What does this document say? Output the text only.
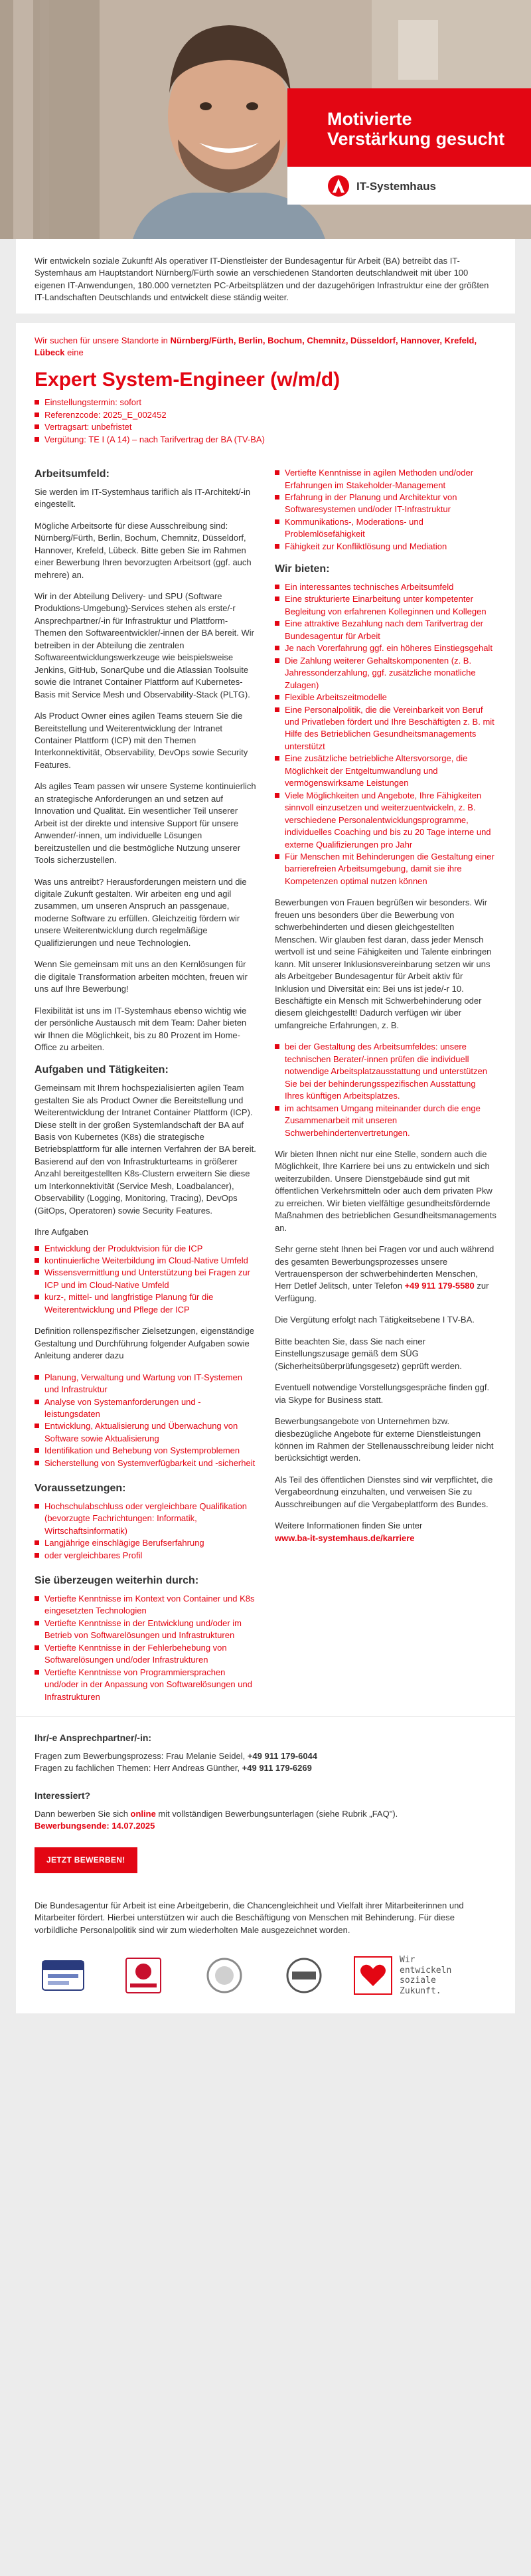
Motivierte Verstärkung gesucht
IT-Systemhaus
Wir entwickeln soziale Zukunft! Als operativer IT-Dienstleister der Bundesagentur für Arbeit (BA) betreibt das IT-Systemhaus am Hauptstandort Nürnberg/Fürth sowie an verschiedenen Standorten deutschlandweit mit über 100 eigenen IT-Anwendungen, 180.000 vernetzten PC-Arbeitsplätzen und der dazugehörigen Infrastruktur eine der größten IT-Landschaften Deutschlands und entwickelt diese ständig weiter.
Wir suchen für unsere Standorte in Nürnberg/Fürth, Berlin, Bochum, Chemnitz, Düsseldorf, Hannover, Krefeld, Lübeck eine
Expert System-Engineer (w/m/d)
Einstellungstermin: sofort
Referenzcode: 2025_E_002452
Vertragsart: unbefristet
Vergütung: TE I (A 14) – nach Tarifvertrag der BA (TV-BA)
Arbeitsumfeld:

Sie werden im IT-Systemhaus tariflich als IT-Architekt/-in eingestellt.

Mögliche Arbeitsorte für diese Ausschreibung sind: Nürnberg/Fürth, Berlin, Bochum, Chemnitz, Düsseldorf, Hannover, Krefeld, Lübeck. Bitte geben Sie im Rahmen einer Bewerbung Ihren bevorzugten Arbeitsort (ggf. auch mehrere) an.

Wir in der Abteilung Delivery- und SPU (Software Produktions-Umgebung)-Services stehen als erste/-r Ansprechpartner/-in für Infrastruktur und Plattform-Themen den Softwareentwickler/-innen der BA bereit. Wir betreiben in der Abteilung die zentralen Softwareentwicklungswerkzeuge wie beispielsweise Jenkins, GitHub, SonarQube und die Atlassian Toolsuite sowie die Intranet Container Plattform auf Kubernetes-Basis mit Service Mesh und Observability-Stack (PLTG).

Als Product Owner eines agilen Teams steuern Sie die Bereitstellung und Weiterentwicklung der Intranet Container Plattform (ICP) mit den Themen Interkonnektivität, Observability, DevOps sowie Security Features.

Als agiles Team passen wir unsere Systeme kontinuierlich an strategische Anforderungen an und setzen auf Innovation und Qualität. Ein wesentlicher Teil unserer Arbeit ist der direkte und intensive Support für unsere Anwender/-innen, um individuelle Lösungen bereitzustellen und die bestmögliche Nutzung unserer Tools sicherzustellen.

Was uns antreibt? Herausforderungen meistern und die digitale Zukunft gestalten. Wir arbeiten eng und agil zusammen, um unseren Anspruch an passgenaue, moderne Software zu erfüllen. Gleichzeitig fördern wir unsere Weiterentwicklung durch regelmäßige Qualifizierungen und neue Technologien.

Wenn Sie gemeinsam mit uns an den Kernlösungen für die digitale Transformation arbeiten möchten, freuen wir uns auf Ihre Bewerbung!

Flexibilität ist uns im IT-Systemhaus ebenso wichtig wie der persönliche Austausch mit dem Team: Daher bieten wir Ihnen die Möglichkeit, bis zu 80 Prozent im Home-Office zu arbeiten.

Aufgaben und Tätigkeiten:

Gemeinsam mit Ihrem hochspezialisierten agilen Team gestalten Sie als Product Owner die Bereitstellung und Weiterentwicklung der Intranet Container Plattform (ICP). Diese stellt in der großen Systemlandschaft der BA auf Basis von Kubernetes (K8s) die strategische Betriebsplattform für alle internen Verfahren der BA bereit. Basierend auf den von Infrastrukturteams in größerer Anzahl bereitgestellten K8s-Clustern erweitern Sie diese um Interkonnektivität (Service Mesh, Loadbalancer), Observability (Logging, Monitoring, Tracing), DevOps (GitOps, Operatoren) sowie Security Features.

Ihre Aufgaben
Entwicklung der Produktvision für die ICP
kontinuierliche Weiterbildung im Cloud-Native Umfeld
Wissensvermittlung und Unterstützung bei Fragen zur ICP und im Cloud-Native Umfeld
kurz-, mittel- und langfristige Planung für die Weiterentwicklung und Pflege der ICP

Definition rollenspezifischer Zielsetzungen, eigenständige Gestaltung und Durchführung folgender Aufgaben sowie Anleitung anderer dazu

Planung, Verwaltung und Wartung von IT-Systemen und Infrastruktur
Analyse von Systemanforderungen und -leistungsdaten
Entwicklung, Aktualisierung und Überwachung von Software sowie Aktualisierung
Identifikation und Behebung von Systemproblemen
Sicherstellung von Systemverfügbarkeit und -sicherheit
Voraussetzungen:
Hochschulabschluss oder vergleichbare Qualifikation (bevorzugte Fachrichtungen: Informatik, Wirtschaftsinformatik)
Langjährige einschlägige Berufserfahrung
oder vergleichbares Profil
Sie überzeugen weiterhin durch:
Vertiefte Kenntnisse im Kontext von Container und K8s eingesetzten Technologien
Vertiefte Kenntnisse in der Entwicklung und/oder im Betrieb von Softwarelösungen und Infrastrukturen
Vertiefte Kenntnisse in der Fehlerbehebung von Softwarelösungen und/oder Infrastrukturen
Vertiefte Kenntnisse von Programmiersprachen und/oder in der Anpassung von Softwarelösungen und Infrastrukturen
Vertiefte Kenntnisse in agilen Methoden und/oder Erfahrungen im Stakeholder-Management
Erfahrung in der Planung und Architektur von Softwaresystemen und/oder IT-Infrastruktur
Kommunikations-, Moderations- und Problemlösefähigkeit
Fähigkeit zur Konfliktlösung und Mediation
Wir bieten:
Ein interessantes technisches Arbeitsumfeld
Eine strukturierte Einarbeitung unter kompetenter Begleitung von erfahrenen Kolleginnen und Kollegen
Eine attraktive Bezahlung nach dem Tarifvertrag der Bundesagentur für Arbeit
Je nach Vorerfahrung ggf. ein höheres Einstiegsgehalt
Die Zahlung weiterer Gehaltskomponenten (z. B. Jahressonderzahlung, ggf. zusätzliche monatliche Zulagen)
Flexible Arbeitszeitmodelle
Eine Personalpolitik, die die Vereinbarkeit von Beruf und Privatleben fördert und Ihre Beschäftigten z. B. mit Hilfe des Betrieblichen Gesundheitsmanagements unterstützt
Eine zusätzliche betriebliche Altersvorsorge, die Möglichkeit der Entgeltumwandlung und vermögenswirksame Leistungen
Viele Möglichkeiten und Angebote, Ihre Fähigkeiten sinnvoll einzusetzen und weiterzuentwickeln, z. B. verschiedene Personalentwicklungsprogramme, individuelles Coaching und bis zu 20 Tage interne und externe Qualifizierungen pro Jahr
Für Menschen mit Behinderungen die Gestaltung einer barrierefreien Arbeitsumgebung, damit sie ihre Kompetenzen optimal nutzen können

Bewerbungen von Frauen begrüßen wir besonders. Wir freuen uns besonders über die Bewerbung von schwerbehinderten und diesen gleichgestellten Menschen. Wir glauben fest daran, dass jeder Mensch wertvoll ist und seine Fähigkeiten und Talente einbringen kann. Mit unserer Inklusionsvereinbarung setzen wir uns als Arbeitgeber Bundesagentur für Arbeit aktiv für Inklusion und Diversität ein: Bei uns ist jede/-r 10. Beschäftigte ein Mensch mit Schwerbehinderung oder diesem gleichgestellt! Dadurch verfügen wir über umfangreiche Erfahrungen, z. B.

bei der Gestaltung des Arbeitsumfeldes: unsere technischen Berater/-innen prüfen die individuell notwendige Arbeitsplatzausstattung und unterstützen Sie bei der behinderungsspezifischen Ausstattung Ihres künftigen Arbeitsplatzes.
im achtsamen Umgang miteinander durch die enge Zusammenarbeit mit unseren Schwerbehindertenvertretungen.

Wir bieten Ihnen nicht nur eine Stelle, sondern auch die Möglichkeit, Ihre Karriere bei uns zu entwickeln und sich weiterzubilden. Unsere Dienstgebäude sind gut mit öffentlichen Verkehrsmitteln oder auch dem privaten Pkw zu erreichen. Wir bieten vielfältige gesundheitsfördernde Maßnahmen des betrieblichen Gesundheitsmanagements an.

Sehr gerne steht Ihnen bei Fragen vor und auch während des gesamten Bewerbungsprozesses unsere Vertrauensperson der schwerbehinderten Menschen, Herr Detlef Jelitsch, unter Telefon +49 911 179-5580 zur Verfügung.

Die Vergütung erfolgt nach Tätigkeitsebene I TV-BA.

Bitte beachten Sie, dass Sie nach einer Einstellungszusage gemäß dem SÜG (Sicherheitsüberprüfungsgesetz) geprüft werden.

Eventuell notwendige Vorstellungsgespräche finden ggf. via Skype for Business statt.

Bewerbungsangebote von Unternehmen bzw. diesbezügliche Angebote für externe Dienstleistungen können im Rahmen der Stellenausschreibung leider nicht berücksichtigt werden.

Als Teil des öffentlichen Dienstes sind wir verpflichtet, die Vergabeordnung einzuhalten, und verweisen Sie zu Ausschreibungen auf die Vergabeplattform des Bundes.

Weitere Informationen finden Sie unter
www.ba-it-systemhaus.de/karriere

Ihr/-e Ansprechpartner/-in:

Fragen zum Bewerbungsprozess: Frau Melanie Seidel, +49 911 179-6044

Fragen zu fachlichen Themen: Herr Andreas Günther, +49 911 179-6269

Interessiert?

Dann bewerben Sie sich online mit vollständigen Bewerbungsunterlagen (siehe Rubrik „FAQ").

Bewerbungsende: 14.07.2025

JETZT BEWERBEN!
Die Bundesagentur für Arbeit ist eine Arbeitgeberin, die Chancengleichheit und Vielfalt ihrer Mitarbeiterinnen und Mitarbeiter fördert. Hierbei unterstützen wir auch die Beschäftigung von Menschen mit Behinderung. Für diese vorbildliche Personalpolitik sind wir zum wiederholten Male ausgezeichnet worden.
Wir
entwickeln
soziale
Zukunft.
